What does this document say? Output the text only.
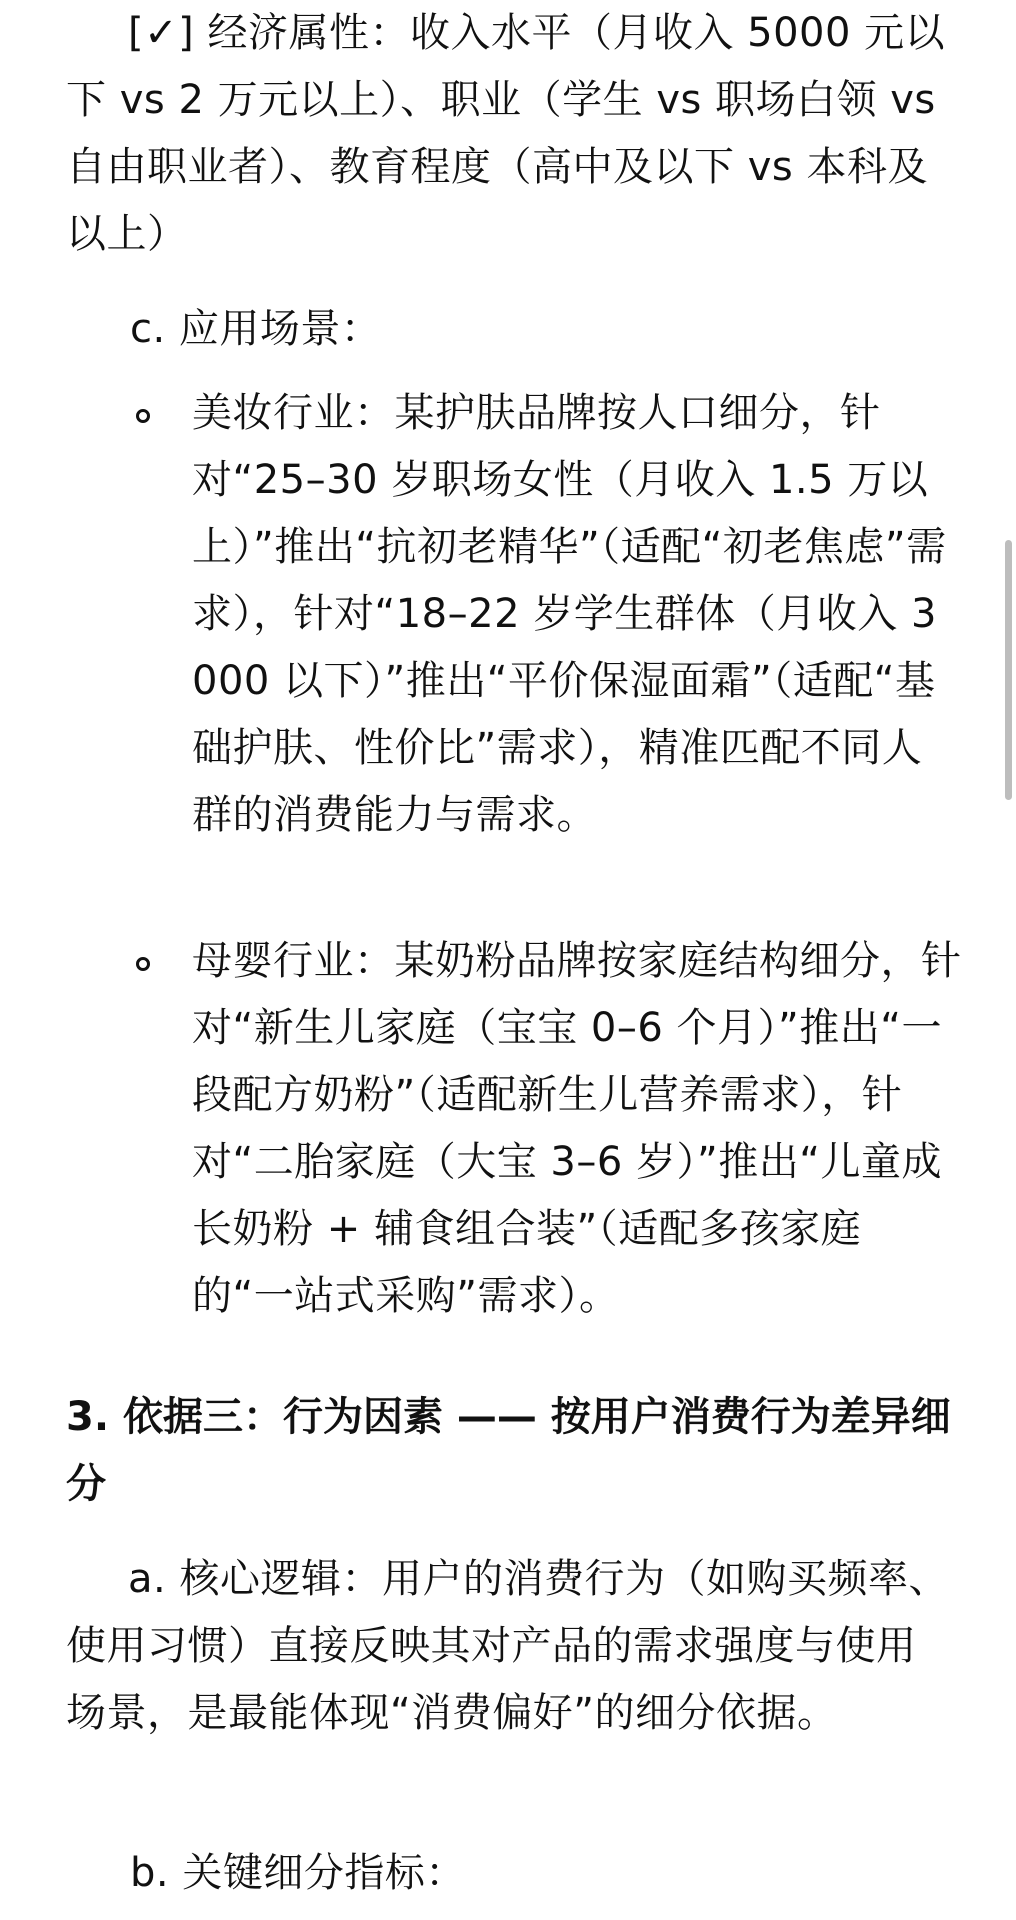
[✓] 经济属性：收入水平（月收入 5000 元以下 vs 2 万元以上）、职业（学生 vs 职场白领 vs 自由职业者）、教育程度（高中及以下 vs 本科及以上）
c. 应用场景：
美妆行业：某护肤品牌按人口细分，针对“25–30 岁职场女性（月收入 1.5 万以上）”推出“抗初老精华”（适配“初老焦虑”需求），针对“18–22 岁学生群体（月收入 3000 以下）”推出“平价保湿面霜”（适配“基础护肤、性价比”需求），精准匹配不同人群的消费能力与需求。
母婴行业：某奶粉品牌按家庭结构细分，针对“新生儿家庭（宝宝 0–6 个月）”推出“一段配方奶粉”（适配新生儿营养需求），针对“二胎家庭（大宝 3–6 岁）”推出“儿童成长奶粉 + 辅食组合装”（适配多孩家庭的“一站式采购”需求）。
3. 依据三：行为因素 —— 按用户消费行为差异细分
a. 核心逻辑：用户的消费行为（如购买频率、使用习惯）直接反映其对产品的需求强度与使用场景，是最能体现“消费偏好”的细分依据。
b. 关键细分指标：
